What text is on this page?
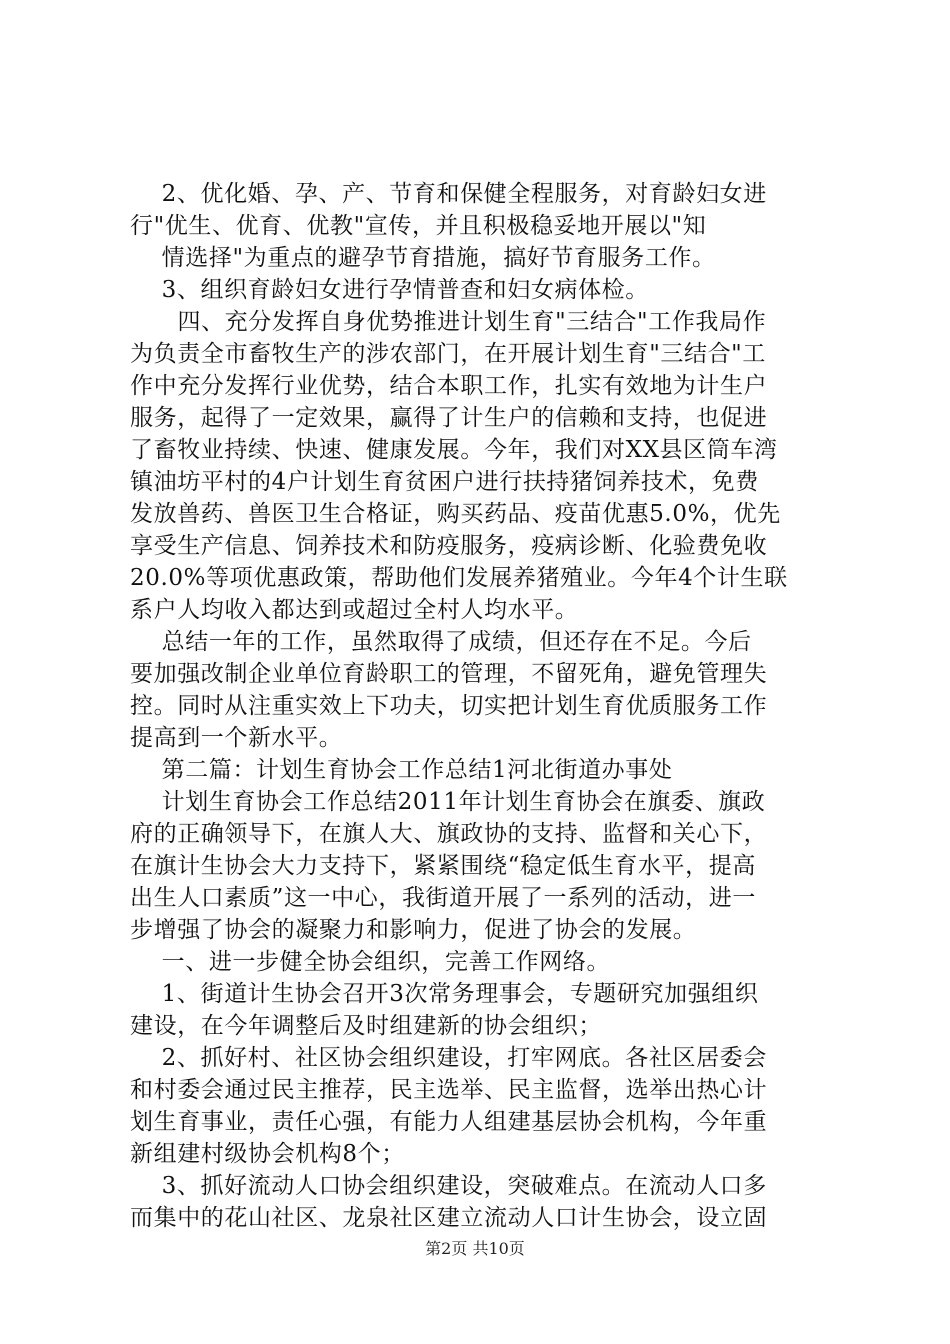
2、优化婚、孕、产、节育和保健全程服务，对育龄妇女进
行"优生、优育、优教"宣传，并且积极稳妥地开展以"知
情选择"为重点的避孕节育措施，搞好节育服务工作。
3、组织育龄妇女进行孕情普查和妇女病体检。
四、充分发挥自身优势推进计划生育"三结合"工作我局作
为负责全市畜牧生产的涉农部门，在开展计划生育"三结合"工
作中充分发挥行业优势，结合本职工作，扎实有效地为计生户
服务，起得了一定效果，赢得了计生户的信赖和支持，也促进
了畜牧业持续、快速、健康发展。今年，我们对XX县区筒车湾
镇油坊平村的4户计划生育贫困户进行扶持猪饲养技术，免费
发放兽药、兽医卫生合格证，购买药品、疫苗优惠5.0%，优先
享受生产信息、饲养技术和防疫服务，疫病诊断、化验费免收
20.0%等项优惠政策，帮助他们发展养猪殖业。今年4个计生联
系户人均收入都达到或超过全村人均水平。
总结一年的工作，虽然取得了成绩，但还存在不足。今后
要加强改制企业单位育龄职工的管理，不留死角，避免管理失
控。同时从注重实效上下功夫，切实把计划生育优质服务工作
提高到一个新水平。
第二篇：计划生育协会工作总结1河北街道办事处
计划生育协会工作总结2011年计划生育协会在旗委、旗政
府的正确领导下，在旗人大、旗政协的支持、监督和关心下，
在旗计生协会大力支持下，紧紧围绕“稳定低生育水平，提高
出生人口素质”这一中心，我街道开展了一系列的活动，进一
步增强了协会的凝聚力和影响力，促进了协会的发展。
一、进一步健全协会组织，完善工作网络。
1、街道计生协会召开3次常务理事会，专题研究加强组织
建设，在今年调整后及时组建新的协会组织；
2、抓好村、社区协会组织建设，打牢网底。各社区居委会
和村委会通过民主推荐，民主选举、民主监督，选举出热心计
划生育事业，责任心强，有能力人组建基层协会机构，今年重
新组建村级协会机构8个；
3、抓好流动人口协会组织建设，突破难点。在流动人口多
而集中的花山社区、龙泉社区建立流动人口计生协会，设立固
第2页 共10页
